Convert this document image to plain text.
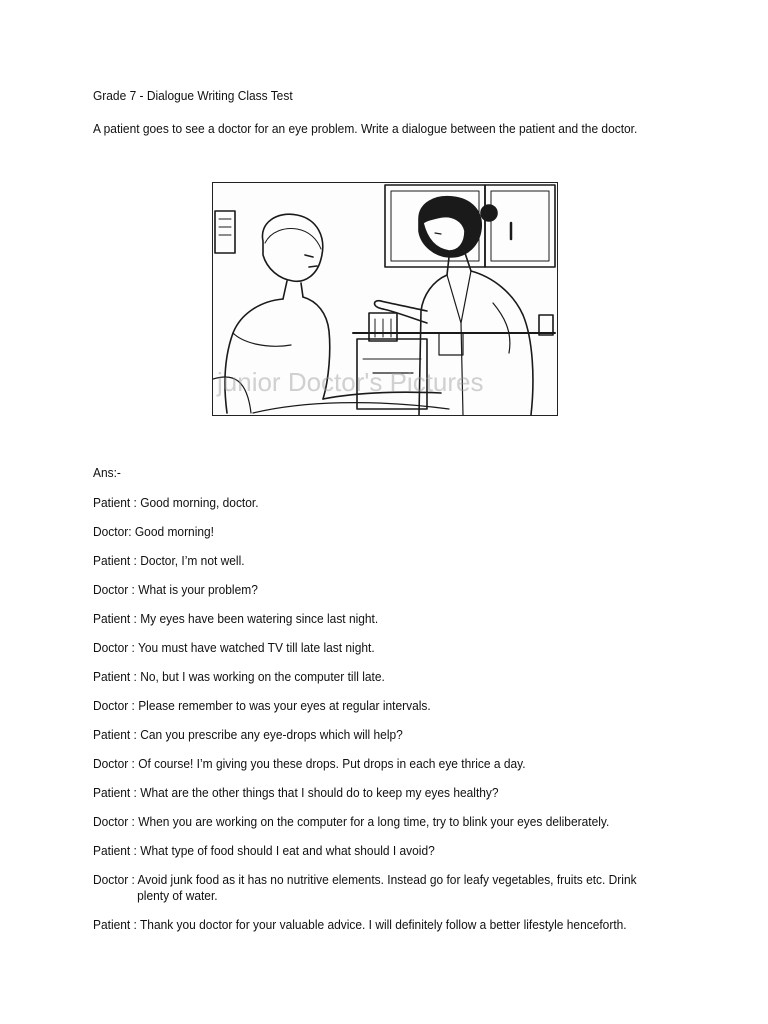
Grade 7 - Dialogue Writing Class Test
A patient goes to see a doctor for an eye problem. Write a dialogue between the patient and the doctor.
junior Doctor's Pictures
Ans:-
Patient : Good morning, doctor.
Doctor: Good morning!
Patient : Doctor, I’m not well.
Doctor : What is your problem?
Patient : My eyes have been watering since last night.
Doctor : You must have watched TV till late last night.
Patient : No, but I was working on the computer till late.
Doctor : Please remember to was your eyes at regular intervals.
Patient : Can you prescribe any eye-drops which will help?
Doctor : Of course! I’m giving you these drops. Put drops in each eye thrice a day.
Patient : What are the other things that I should do to keep my eyes healthy?
Doctor : When you are working on the computer for a long time, try to blink your eyes deliberately.
Patient : What type of food should I eat and what should I avoid?
Doctor : Avoid junk food as it has no nutritive elements. Instead go for leafy vegetables, fruits etc. Drink
plenty of water.
Patient : Thank you doctor for your valuable advice. I will definitely follow a better lifestyle henceforth.
